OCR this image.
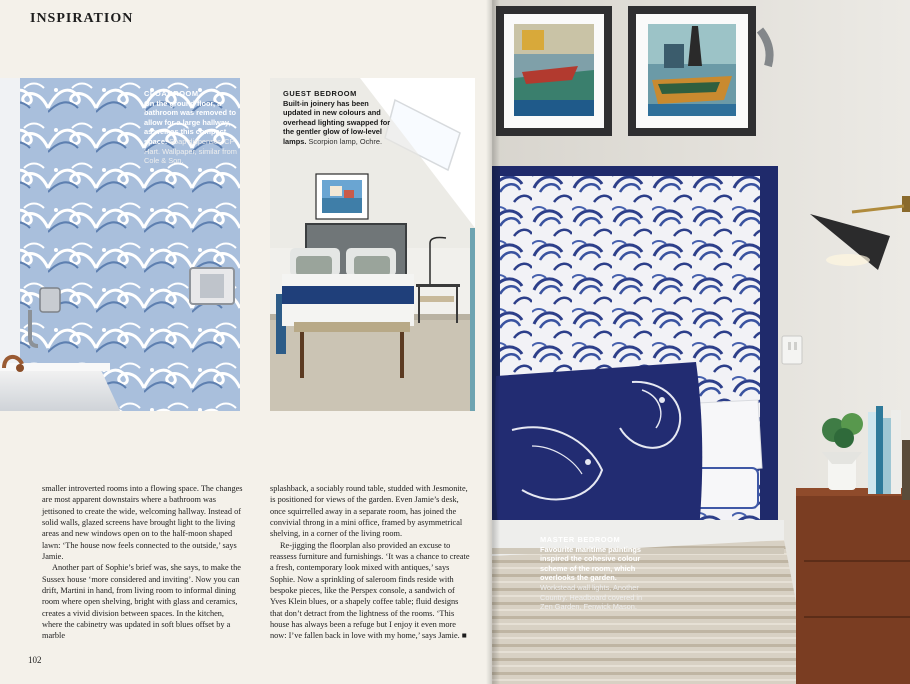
INSPIRATION
CLOAKROOM
On the ground floor, a bathroom was removed to allow for a large hallway, as well as this compact space. Soap dispenser, CP Hart. Wallpaper, similar from Cole & Son.
GUEST BEDROOM
Built-in joinery has been updated in new colours and overhead lighting swapped for the gentler glow of low-level lamps. Scorpion lamp, Ochre.

smaller introverted rooms into a flowing space. The changes are most apparent downstairs where a bathroom was jettisoned to create the wide, welcoming hallway. Instead of solid walls, glazed screens have brought light to the living areas and new windows open on to the half-moon shaped lawn: ‘The house now feels connected to the outside,’ says Jamie.

Another part of Sophie’s brief was, she says, to make the Sussex house ‘more considered and inviting’. Now you can drift, Martini in hand, from living room to informal dining room where open shelving, bright with glass and ceramics, creates a vivid division between spaces. In the kitchen, where the cabinetry was updated in soft blues offset by a marble

splashback, a sociably round table, studded with Jesmonite, is positioned for views of the garden. Even Jamie’s desk, once squirrelled away in a separate room, has joined the convivial throng in a mini office, framed by asymmetrical shelving, in a corner of the living room.

Re-jigging the floorplan also provided an excuse to reassess furniture and furnishings. ‘It was a chance to create a fresh, contemporary look mixed with antiques,’ says Sophie. Now a sprinkling of saleroom finds reside with bespoke pieces, like the Perspex console, a sandwich of Yves Klein blues, or a shapely coffee table; fluid designs that don’t detract from the lightness of the rooms. ‘This house has always been a refuge but I enjoy it even more now: I’ve fallen back in love with my home,’ says Jamie. ■

102
MASTER BEDROOM
Favourite maritime paintings inspired the cohesive colour scheme of the room, which overlooks the garden. Workstead wall lights, Another Country. Headboard covered in Zen Garden, Fenwick Mason.
